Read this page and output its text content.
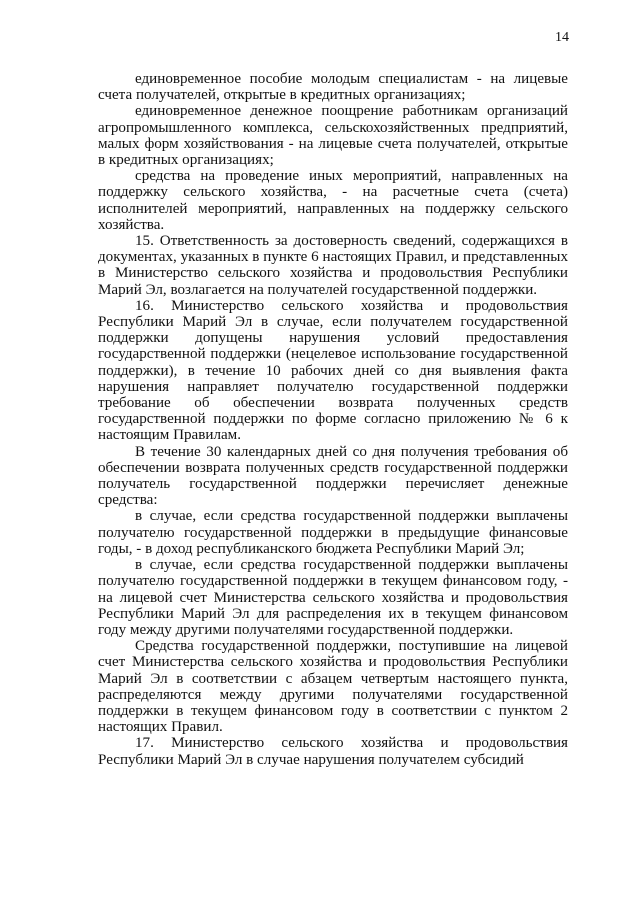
14

единовременное пособие молодым специалистам - на лицевые счета получателей, открытые в кредитных организациях;

единовременное денежное поощрение работникам организаций агропромышленного комплекса, сельскохозяйственных предприятий, малых форм хозяйствования - на лицевые счета получателей, открытые в кредитных организациях;

средства на проведение иных мероприятий, направленных на поддержку сельского хозяйства, - на расчетные счета (счета) исполнителей мероприятий, направленных на поддержку сельского хозяйства.

15. Ответственность за достоверность сведений, содержащихся в документах, указанных в пункте 6 настоящих Правил, и представленных в Министерство сельского хозяйства и продовольствия Республики Марий Эл, возлагается на получателей государственной поддержки.

16. Министерство сельского хозяйства и продовольствия Республики Марий Эл в случае, если получателем государственной поддержки допущены нарушения условий предоставления государственной поддержки (нецелевое использование государственной поддержки), в течение 10 рабочих дней со дня выявления факта нарушения направляет получателю государственной поддержки требование об обеспечении возврата полученных средств государственной поддержки по форме согласно приложению № 6 к настоящим Правилам.

В течение 30 календарных дней со дня получения требования об обеспечении возврата полученных средств государственной поддержки получатель государственной поддержки перечисляет денежные средства:

в случае, если средства государственной поддержки выплачены получателю государственной поддержки в предыдущие финансовые годы, - в доход республиканского бюджета Республики Марий Эл;

в случае, если средства государственной поддержки выплачены получателю государственной поддержки в текущем финансовом году, - на лицевой счет Министерства сельского хозяйства и продовольствия Республики Марий Эл для распределения их в текущем финансовом году между другими получателями государственной поддержки.

Средства государственной поддержки, поступившие на лицевой счет Министерства сельского хозяйства и продовольствия Республики Марий Эл в соответствии с абзацем четвертым настоящего пункта, распределяются между другими получателями государственной поддержки в текущем финансовом году в соответствии с пунктом 2 настоящих Правил.

17. Министерство сельского хозяйства и продовольствия Республики Марий Эл в случае нарушения получателем субсидий
